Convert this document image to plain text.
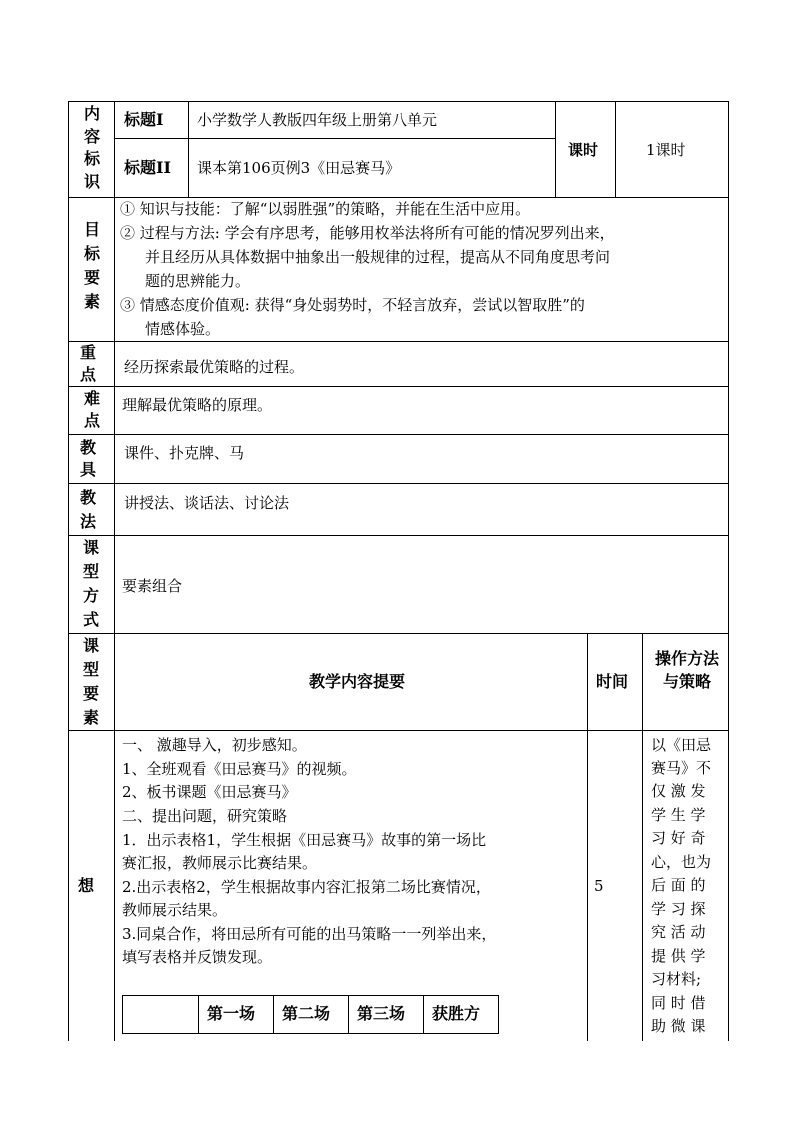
内容标识
标题Ⅰ 小学数学人教版四年级上册第八单元
标题II 课本第106页例3《田忌赛马》
课时	1课时
目标要素
① 知识与技能：了解“以弱胜强”的策略，并能在生活中应用。
② 过程与方法: 学会有序思考，能够用枚举法将所有可能的情况罗列出来，
并且经历从具体数据中抽象出一般规律的过程，提高从不同角度思考问
题的思辨能力。
③ 情感态度价值观: 获得“身处弱势时，不轻言放弃，尝试以智取胜”的
情感体验。
重点 经历探索最优策略的过程。
难点
理解最优策略的原理。
教具
课件、扑克牌、马
教法
讲授法、谈话法、讨论法
课型方式
要素组合
课型要素
教学内容提要	时间
操作方法与策略
想
一、 激趣导入，初步感知。
1、全班观看《田忌赛马》的视频。
2、板书课题《田忌赛马》
二、提出问题，研究策略
1．出示表格1，学生根据《田忌赛马》故事的第一场比
赛汇报，教师展示比赛结果。
2.出示表格2，学生根据故事内容汇报第二场比赛情况，
教师展示结果。
3.同桌合作，将田忌所有可能的出马策略一一列举出来，
填写表格并反馈发现。
5
以《田忌
赛马》不
仅 激 发
学 生 学
习 好 奇
心，也为
后 面 的
学 习 探
究 活 动
提 供 学
习材料;
同 时 借
助 微 课
第一场 第二场 第三场 获胜方
